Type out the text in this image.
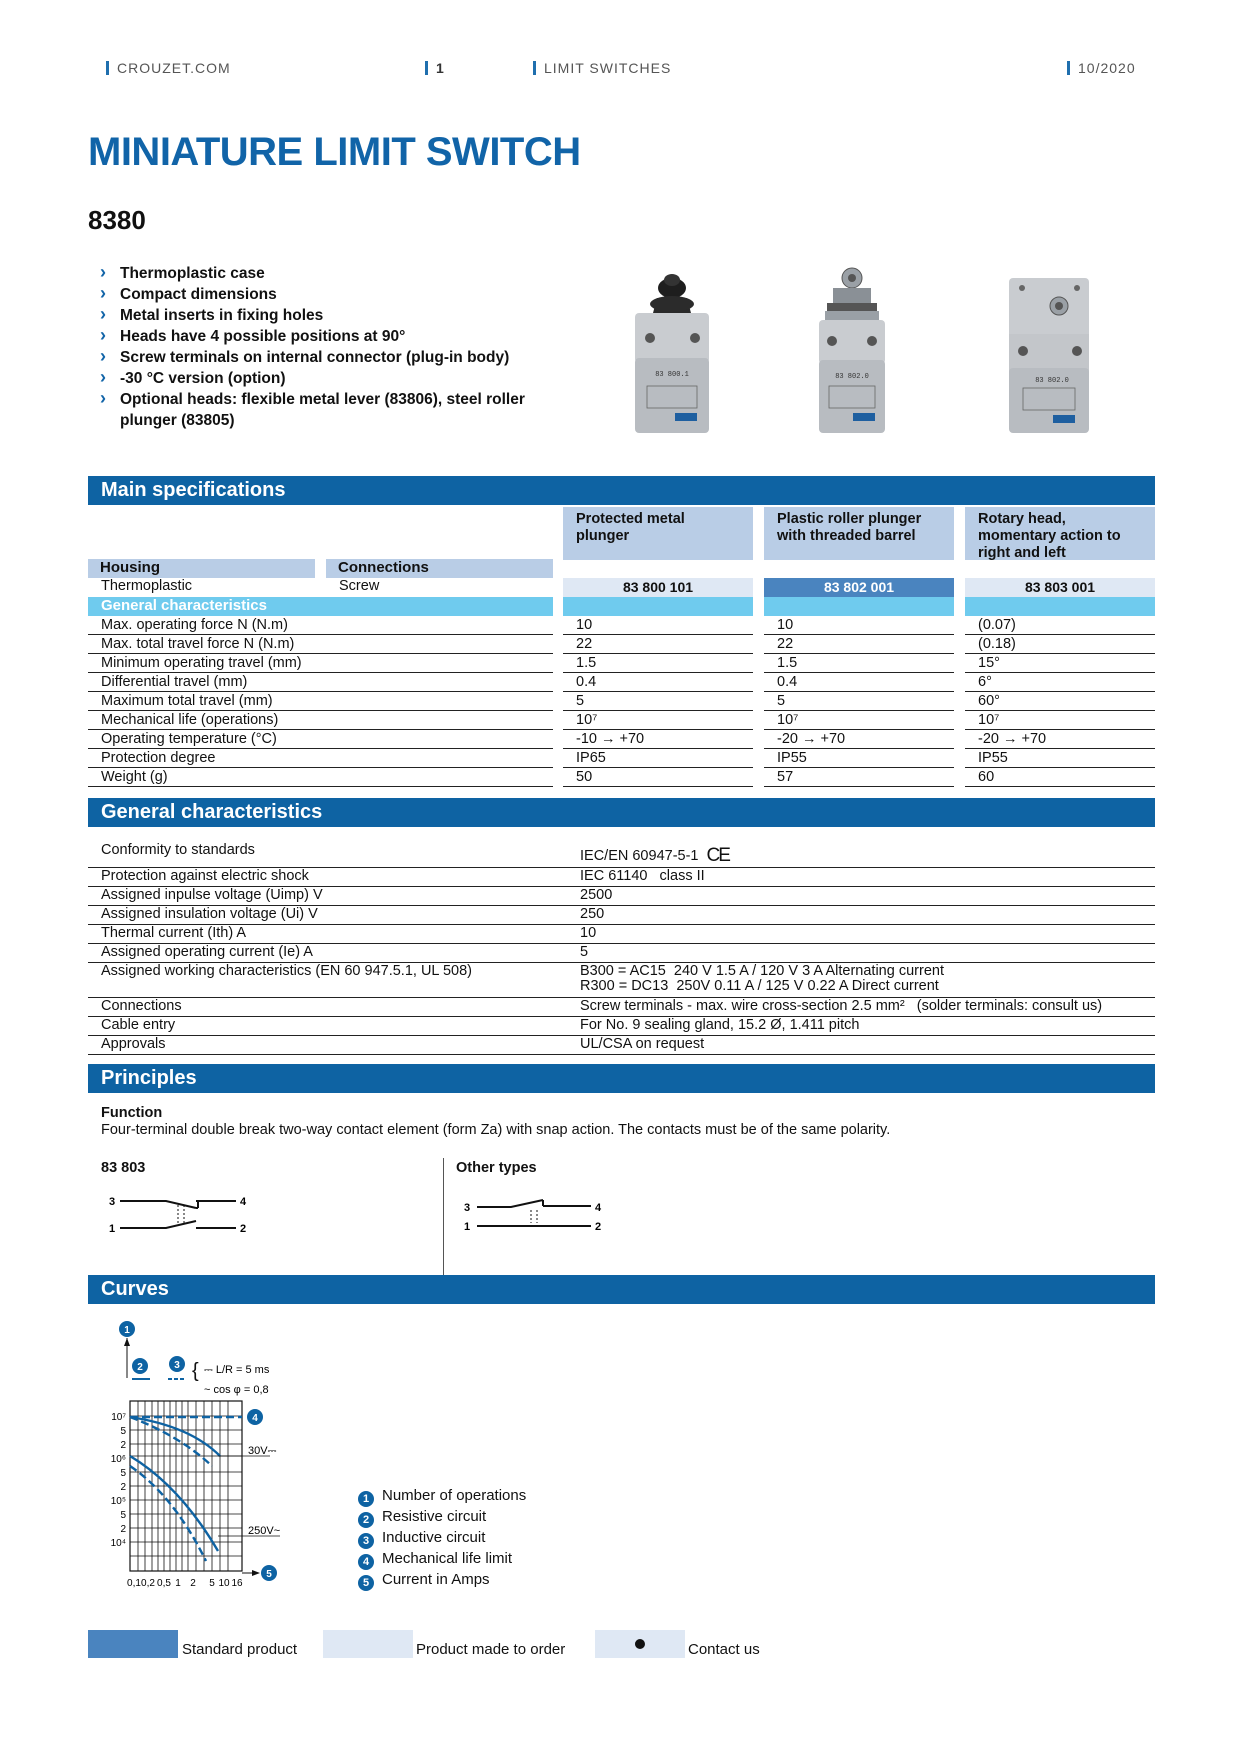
CROUZET.COM	1	LIMIT SWITCHES	10/2020
MINIATURE LIMIT SWITCH
8380
› Thermoplastic case
› Compact dimensions
› Metal inserts in fixing holes
› Heads have 4 possible positions at 90°
› Screw terminals on internal connector (plug-in body)
› -30 °C version (option)
› Optional heads: flexible metal lever (83806), steel roller plunger (83805)
83 800.1	83 802.0	83 802.0
Main specifications
Protected metal plunger
Plastic roller plunger with threaded barrel
Rotary head, momentary action to right and left
Housing	Connections
Thermoplastic	Screw	83 800 101	83 802 001	83 803 001
General characteristics
Max. operating force N (N.m)	10	10	(0.07)
Max. total travel force N (N.m)	22	22	(0.18)
Minimum operating travel (mm)	1.5	1.5	15°
Differential travel (mm)	0.4	0.4	6°
Maximum total travel (mm)	5	5	60°
Mechanical life (operations)	10⁷	10⁷	10⁷
Operating temperature (°C)	-10 → +70	-20 → +70	-20 → +70
Protection degree	IP65	IP55	IP55
Weight (g)	50	57	60
General characteristics
Conformity to standards	IEC/EN 60947-5-1 CE
Protection against electric shock	IEC 61140   class II
Assigned inpulse voltage (Uimp) V	2500
Assigned insulation voltage (Ui) V	250
Thermal current (Ith) A	10
Assigned operating current (Ie) A	5
Assigned working characteristics (EN 60 947.5.1, UL 508)	B300 = AC15  240 V 1.5 A / 120 V 3 A Alternating current
R300 = DC13  250V 0.11 A / 125 V 0.22 A Direct current
Connections	Screw terminals - max. wire cross-section 2.5 mm²   (solder terminals: consult us)
Cable entry	For No. 9 sealing gland, 15.2 Ø, 1.411 pitch
Approvals	UL/CSA on request
Principles
Function
Four-terminal double break two-way contact element (form Za) with snap action. The contacts must be of the same polarity.
83 803	Other types
3	4
1	2
3	4
1	2
Curves
1
2	3 { ⎓ L/R = 5 ms
~ cos φ = 0,8
30V⎓
250V~
4
5
10⁷
5
2
10⁶
5
2
10⁵
5
2
10⁴
0,1 0,2 0,5 1 2 5 10 16
1 Number of operations
2 Resistive circuit
3 Inductive circuit
4 Mechanical life limit
5 Current in Amps
Standard product	Product made to order	Contact us
